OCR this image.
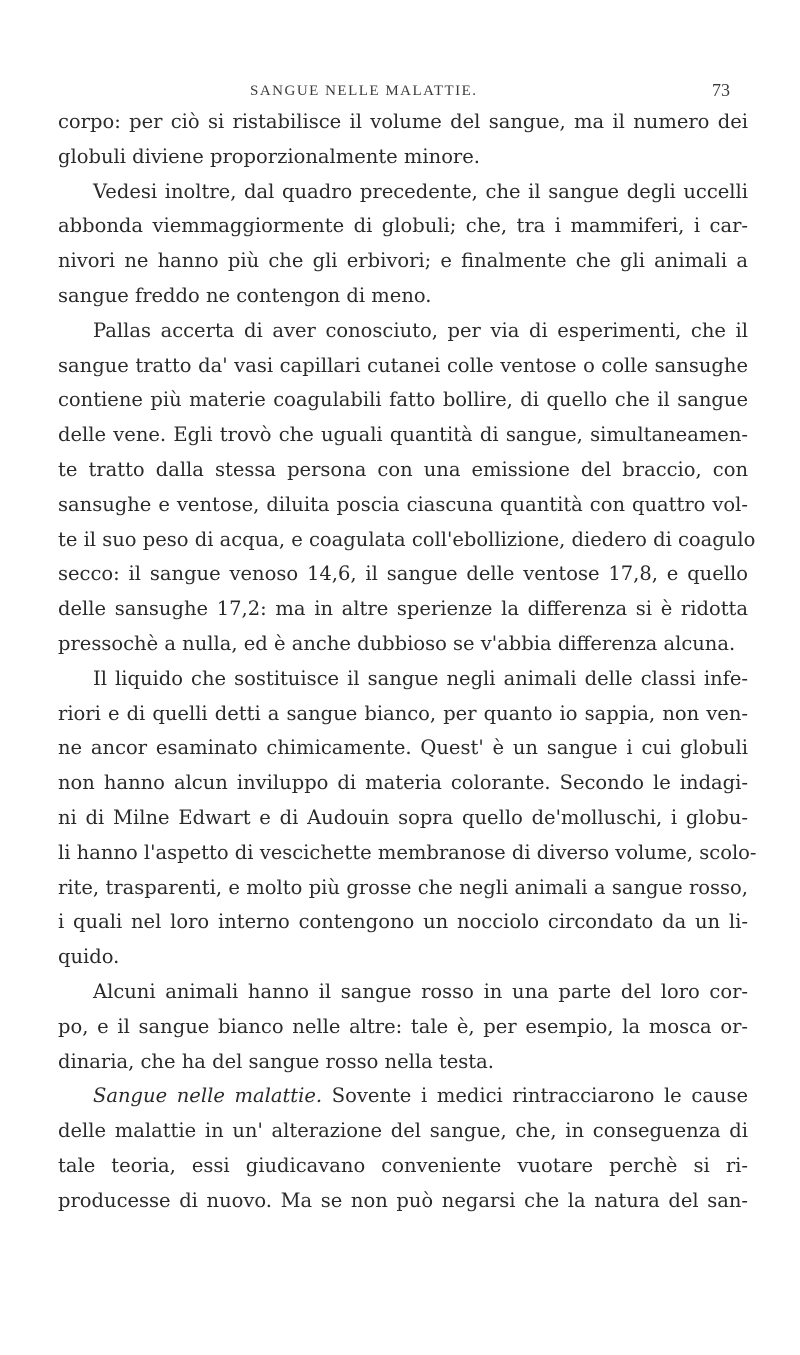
SANGUE NELLE MALATTIE.	73
corpo: per ciò si ristabilisce il volume del sangue, ma il numero dei
globuli diviene proporzionalmente minore.
Vedesi inoltre, dal quadro precedente, che il sangue degli uccelli
abbonda viemmaggiormente di globuli; che, tra i mammiferi, i car-
nivori ne hanno più che gli erbivori; e finalmente che gli animali a
sangue freddo ne contengon di meno.
Pallas accerta di aver conosciuto, per via di esperimenti, che il
sangue tratto da' vasi capillari cutanei colle ventose o colle sansughe
contiene più materie coagulabili fatto bollire, di quello che il sangue
delle vene. Egli trovò che uguali quantità di sangue, simultaneamen-
te tratto dalla stessa persona con una emissione del braccio, con
sansughe e ventose, diluita poscia ciascuna quantità con quattro vol-
te il suo peso di acqua, e coagulata coll'ebollizione, diedero di coagulo
secco: il sangue venoso 14,6, il sangue delle ventose 17,8, e quello
delle sansughe 17,2: ma in altre sperienze la differenza si è ridotta
pressochè a nulla, ed è anche dubbioso se v'abbia differenza alcuna.
Il liquido che sostituisce il sangue negli animali delle classi infe-
riori e di quelli detti a sangue bianco, per quanto io sappia, non ven-
ne ancor esaminato chimicamente. Quest' è un sangue i cui globuli
non hanno alcun inviluppo di materia colorante. Secondo le indagi-
ni di Milne Edwart e di Audouin sopra quello de'molluschi, i globu-
li hanno l'aspetto di vescichette membranose di diverso volume, scolo-
rite, trasparenti, e molto più grosse che negli animali a sangue rosso,
i quali nel loro interno contengono un nocciolo circondato da un li-
quido.
Alcuni animali hanno il sangue rosso in una parte del loro cor-
po, e il sangue bianco nelle altre: tale è, per esempio, la mosca or-
dinaria, che ha del sangue rosso nella testa.
Sangue nelle malattie. Sovente i medici rintracciarono le cause
delle malattie in un' alterazione del sangue, che, in conseguenza di
tale teoria, essi giudicavano conveniente vuotare perchè si ri-
producesse di nuovo. Ma se non può negarsi che la natura del san-
